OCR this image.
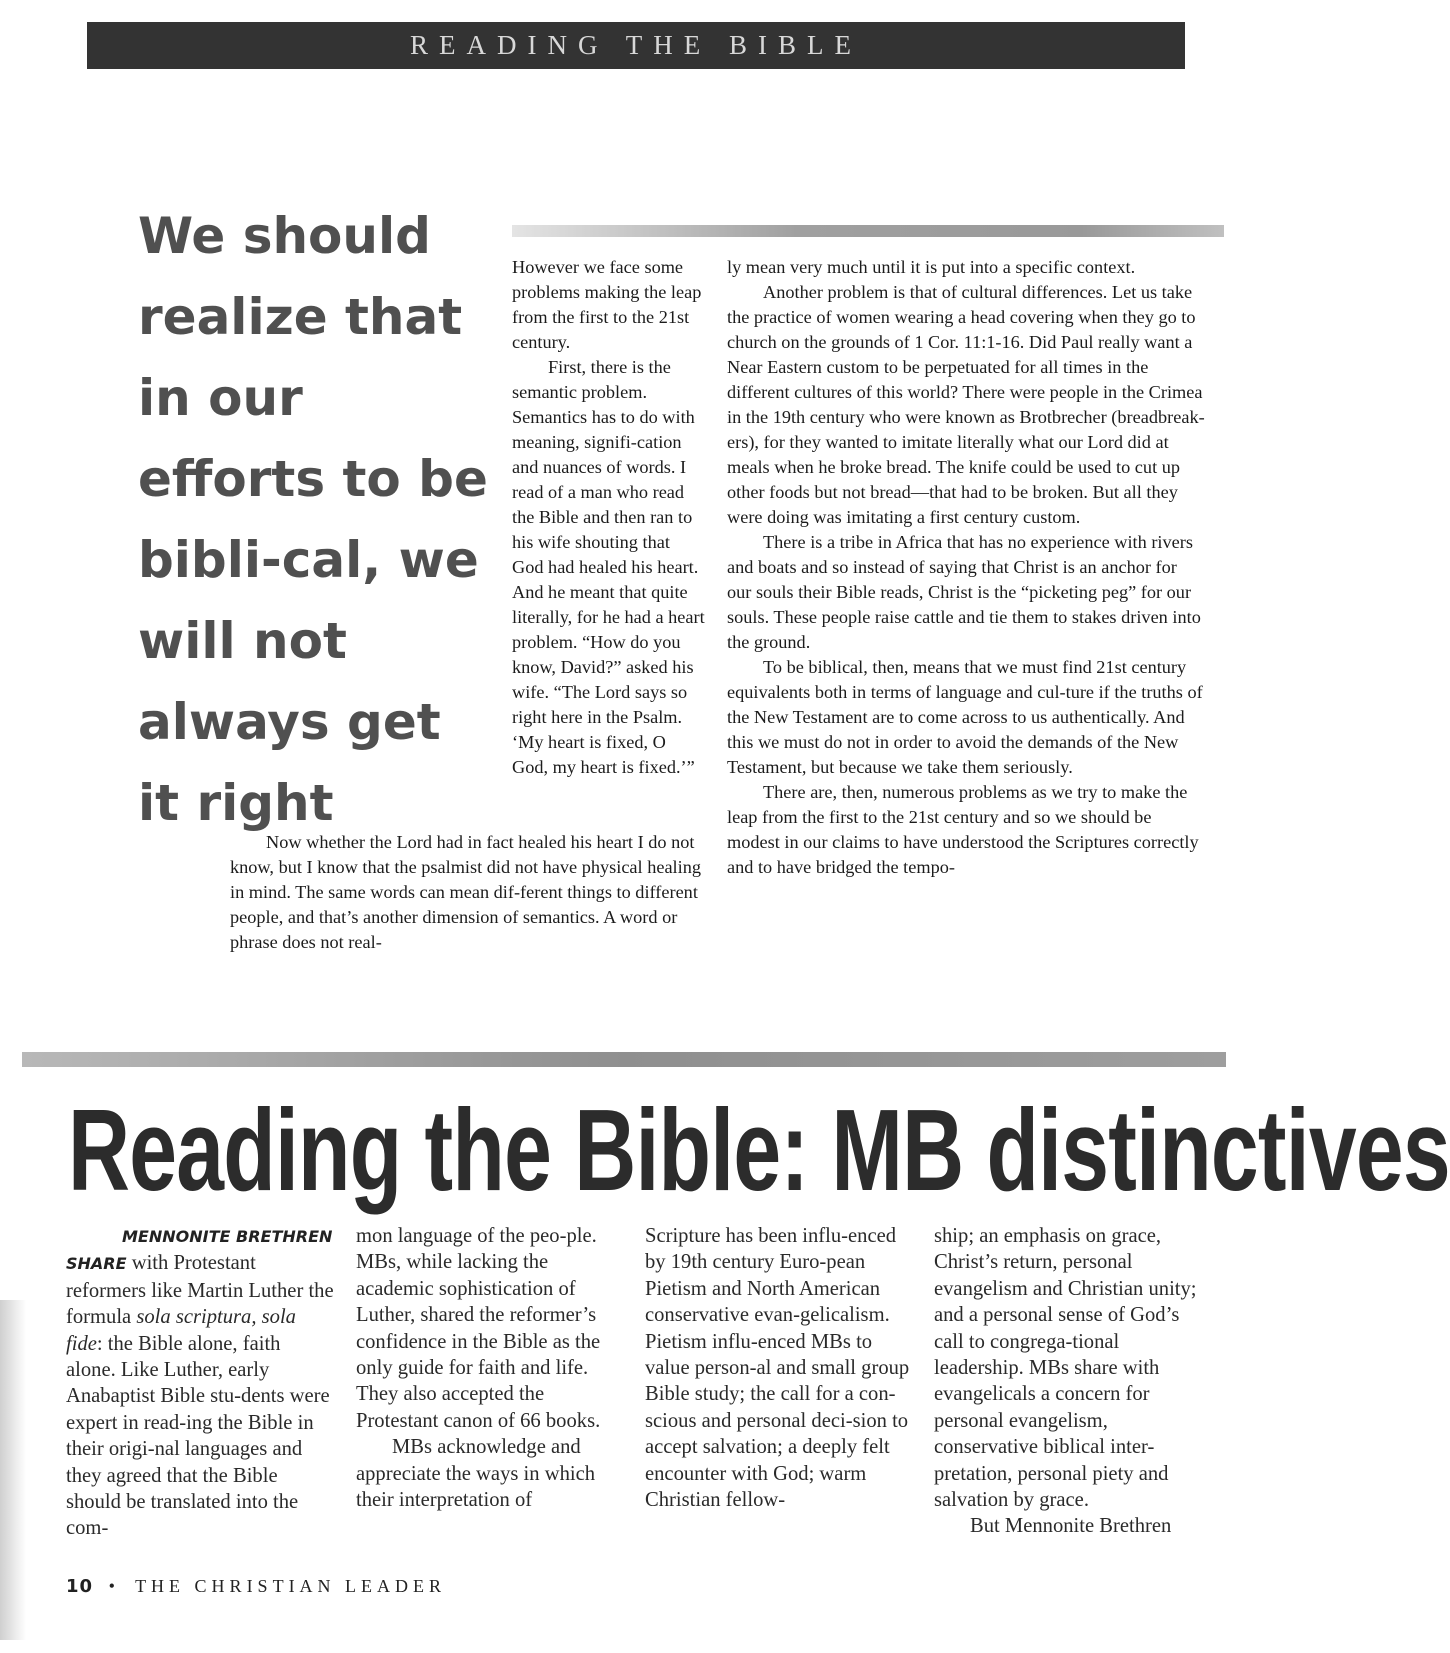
READING THE BIBLE

We should realize that in our efforts to be bibli-cal, we will not always get it right

However we face some problems making the leap from the first to the 21st century.

First, there is the semantic problem. Semantics has to do with meaning, signifi-cation and nuances of words. I read of a man who read the Bible and then ran to his wife shouting that God had healed his heart. And he meant that quite literally, for he had a heart problem. “How do you know, David?” asked his wife. “The Lord says so right here in the Psalm. ‘My heart is fixed, O God, my heart is fixed.’”

Now whether the Lord had in fact healed his heart I do not know, but I know that the psalmist did not have physical healing in mind. The same words can mean dif-ferent things to different people, and that’s another dimension of semantics. A word or phrase does not real-

ly mean very much until it is put into a specific context.

Another problem is that of cultural differences. Let us take the practice of women wearing a head covering when they go to church on the grounds of 1 Cor. 11:1-16. Did Paul really want a Near Eastern custom to be perpetuated for all times in the different cultures of this world? There were people in the Crimea in the 19th century who were known as Brotbrecher (breadbreak-ers), for they wanted to imitate literally what our Lord did at meals when he broke bread. The knife could be used to cut up other foods but not bread—that had to be broken. But all they were doing was imitating a first century custom.

There is a tribe in Africa that has no experience with rivers and boats and so instead of saying that Christ is an anchor for our souls their Bible reads, Christ is the “picketing peg” for our souls. These people raise cattle and tie them to stakes driven into the ground.

To be biblical, then, means that we must find 21st century equivalents both in terms of language and cul-ture if the truths of the New Testament are to come across to us authentically. And this we must do not in order to avoid the demands of the New Testament, but because we take them seriously.

There are, then, numerous problems as we try to make the leap from the first to the 21st century and so we should be modest in our claims to have understood the Scriptures correctly and to have bridged the tempo-

Reading the Bible: MB distinctives

MENNONITE BRETHREN SHARE with Protestant reformers like Martin Luther the formula sola scriptura, sola fide: the Bible alone, faith alone. Like Luther, early Anabaptist Bible stu-dents were expert in read-ing the Bible in their origi-nal languages and they agreed that the Bible should be translated into the com-

mon language of the peo-ple. MBs, while lacking the academic sophistication of Luther, shared the reformer’s confidence in the Bible as the only guide for faith and life. They also accepted the Protestant canon of 66 books.

MBs acknowledge and appreciate the ways in which their interpretation of

Scripture has been influ-enced by 19th century Euro-pean Pietism and North American conservative evan-gelicalism. Pietism influ-enced MBs to value person-al and small group Bible study; the call for a con-scious and personal deci-sion to accept salvation; a deeply felt encounter with God; warm Christian fellow-

ship; an emphasis on grace, Christ’s return, personal evangelism and Christian unity; and a personal sense of God’s call to congrega-tional leadership. MBs share with evangelicals a concern for personal evangelism, conservative biblical inter-pretation, personal piety and salvation by grace.

But Mennonite Brethren

10 • THE CHRISTIAN LEADER
